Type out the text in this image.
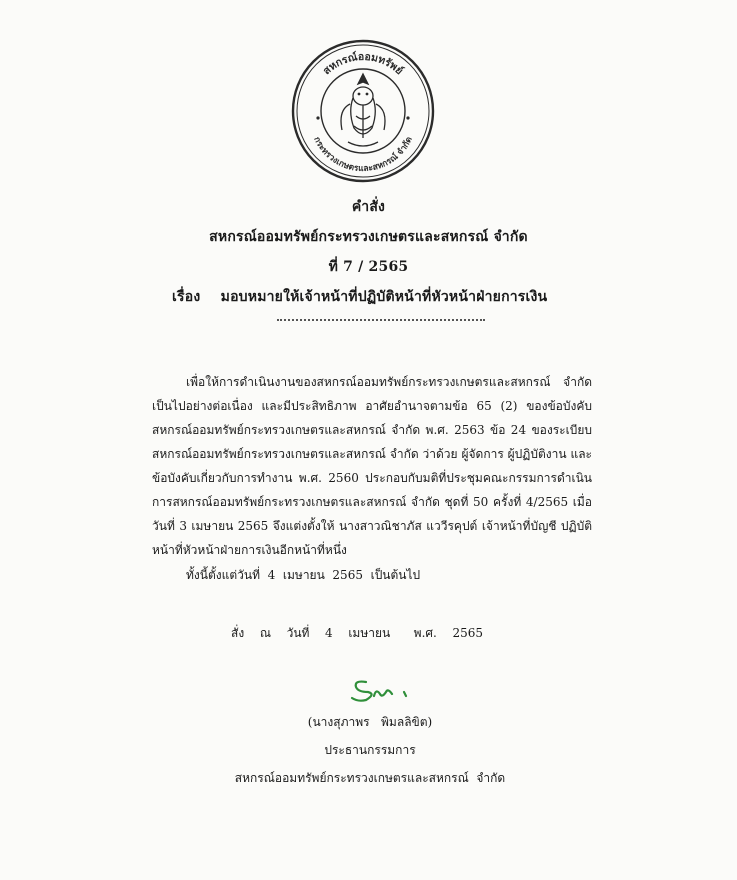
สหกรณ์ออมทรัพย์
กระทรวงเกษตรและสหกรณ์ จำกัด
คำสั่ง
สหกรณ์ออมทรัพย์กระทรวงเกษตรและสหกรณ์ จำกัด
ที่ 7 / 2565
เรื่อง    มอบหมายให้เจ้าหน้าที่ปฏิบัติหน้าที่หัวหน้าฝ่ายการเงิน
เพื่อให้การดำเนินงานของสหกรณ์ออมทรัพย์กระทรวงเกษตรและสหกรณ์ จำกัด เป็นไปอย่างต่อเนื่อง และมีประสิทธิภาพ อาศัยอำนาจตามข้อ 65 (2) ของข้อบังคับสหกรณ์ออมทรัพย์กระทรวงเกษตรและสหกรณ์ จำกัด พ.ศ. 2563 ข้อ 24 ของระเบียบสหกรณ์ออมทรัพย์กระทรวงเกษตรและสหกรณ์ จำกัด ว่าด้วย ผู้จัดการ ผู้ปฏิบัติงาน และข้อบังคับเกี่ยวกับการทำงาน พ.ศ. 2560 ประกอบกับมติที่ประชุมคณะกรรมการดำเนินการสหกรณ์ออมทรัพย์กระทรวงเกษตรและสหกรณ์ จำกัด ชุดที่ 50 ครั้งที่ 4/2565 เมื่อวันที่ 3 เมษายน 2565 จึงแต่งตั้งให้ นางสาวณิชาภัส แววีรคุปต์ เจ้าหน้าที่บัญชี ปฏิบัติหน้าที่หัวหน้าฝ่ายการเงินอีกหน้าที่หนึ่ง
ทั้งนี้ตั้งแต่วันที่  4  เมษายน  2565  เป็นต้นไป
สั่ง  ณ  วันที่  4  เมษายน   พ.ศ.  2565
(นางสุภาพร   พิมลลิขิต)
ประธานกรรมการ
สหกรณ์ออมทรัพย์กระทรวงเกษตรและสหกรณ์  จำกัด
